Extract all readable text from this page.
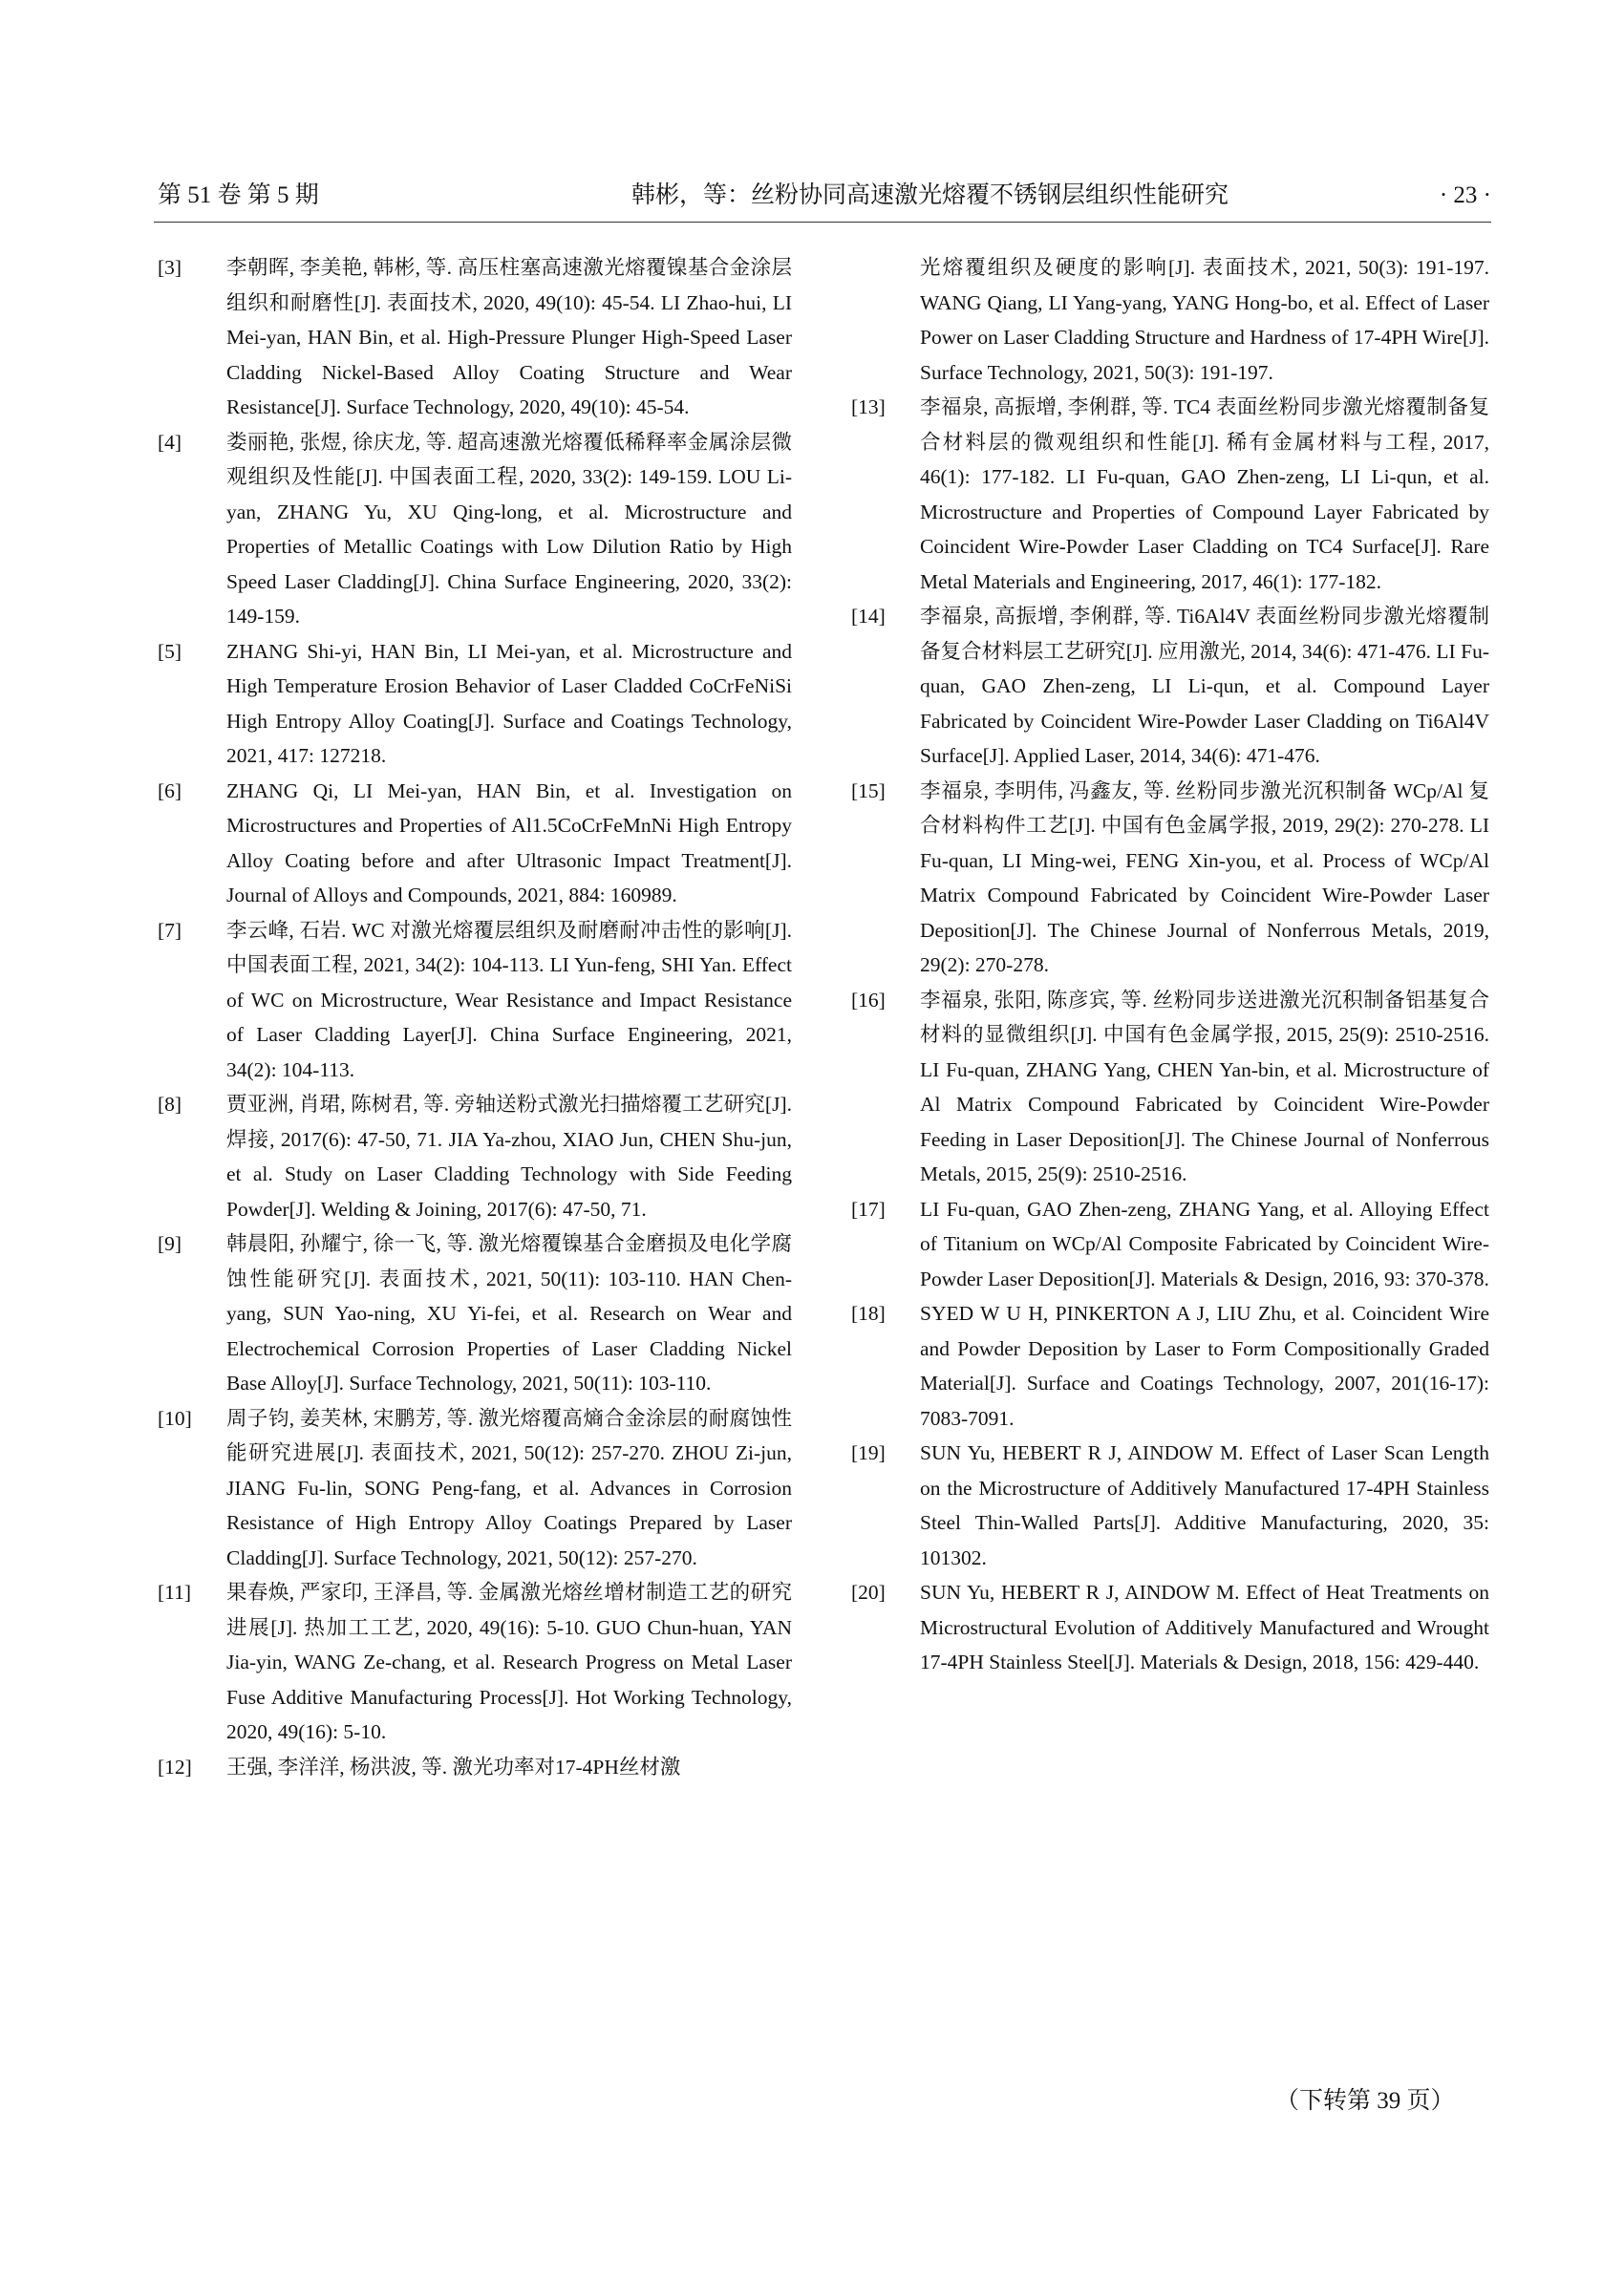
第 51 卷 第 5 期	韩彬，等：丝粉协同高速激光熔覆不锈钢层组织性能研究	· 23 ·
[3] 李朝晖, 李美艳, 韩彬, 等. 高压柱塞高速激光熔覆镍基合金涂层组织和耐磨性[J]. 表面技术, 2020, 49(10): 45-54. LI Zhao-hui, LI Mei-yan, HAN Bin, et al. High-Pressure Plunger High-Speed Laser Cladding Nickel-Based Alloy Coating Structure and Wear Resistance[J]. Surface Technology, 2020, 49(10): 45-54.
[4] 娄丽艳, 张煜, 徐庆龙, 等. 超高速激光熔覆低稀释率金属涂层微观组织及性能[J]. 中国表面工程, 2020, 33(2): 149-159. LOU Li-yan, ZHANG Yu, XU Qing-long, et al. Microstructure and Properties of Metallic Coatings with Low Dilution Ratio by High Speed Laser Cladding[J]. China Surface Engineering, 2020, 33(2): 149-159.
[5] ZHANG Shi-yi, HAN Bin, LI Mei-yan, et al. Microstructure and High Temperature Erosion Behavior of Laser Cladded CoCrFeNiSi High Entropy Alloy Coating[J]. Surface and Coatings Technology, 2021, 417: 127218.
[6] ZHANG Qi, LI Mei-yan, HAN Bin, et al. Investigation on Microstructures and Properties of Al1.5CoCrFeMnNi High Entropy Alloy Coating before and after Ultrasonic Impact Treatment[J]. Journal of Alloys and Compounds, 2021, 884: 160989.
[7] 李云峰, 石岩. WC 对激光熔覆层组织及耐磨耐冲击性的影响[J]. 中国表面工程, 2021, 34(2): 104-113. LI Yun-feng, SHI Yan. Effect of WC on Microstructure, Wear Resistance and Impact Resistance of Laser Cladding Layer[J]. China Surface Engineering, 2021, 34(2): 104-113.
[8] 贾亚洲, 肖珺, 陈树君, 等. 旁轴送粉式激光扫描熔覆工艺研究[J]. 焊接, 2017(6): 47-50, 71. JIA Ya-zhou, XIAO Jun, CHEN Shu-jun, et al. Study on Laser Cladding Technology with Side Feeding Powder[J]. Welding & Joining, 2017(6): 47-50, 71.
[9] 韩晨阳, 孙耀宁, 徐一飞, 等. 激光熔覆镍基合金磨损及电化学腐蚀性能研究[J]. 表面技术, 2021, 50(11): 103-110. HAN Chen-yang, SUN Yao-ning, XU Yi-fei, et al. Research on Wear and Electrochemical Corrosion Properties of Laser Cladding Nickel Base Alloy[J]. Surface Technology, 2021, 50(11): 103-110.
[10] 周子钧, 姜芙林, 宋鹏芳, 等. 激光熔覆高熵合金涂层的耐腐蚀性能研究进展[J]. 表面技术, 2021, 50(12): 257-270. ZHOU Zi-jun, JIANG Fu-lin, SONG Peng-fang, et al. Advances in Corrosion Resistance of High Entropy Alloy Coatings Prepared by Laser Cladding[J]. Surface Technology, 2021, 50(12): 257-270.
[11] 果春焕, 严家印, 王泽昌, 等. 金属激光熔丝增材制造工艺的研究进展[J]. 热加工工艺, 2020, 49(16): 5-10. GUO Chun-huan, YAN Jia-yin, WANG Ze-chang, et al. Research Progress on Metal Laser Fuse Additive Manufacturing Process[J]. Hot Working Technology, 2020, 49(16): 5-10.
[12] 王强, 李洋洋, 杨洪波, 等. 激光功率对17-4PH丝材激
光熔覆组织及硬度的影响[J]. 表面技术, 2021, 50(3): 191-197. WANG Qiang, LI Yang-yang, YANG Hong-bo, et al. Effect of Laser Power on Laser Cladding Structure and Hardness of 17-4PH Wire[J]. Surface Technology, 2021, 50(3): 191-197.
[13] 李福泉, 高振增, 李俐群, 等. TC4 表面丝粉同步激光熔覆制备复合材料层的微观组织和性能[J]. 稀有金属材料与工程, 2017, 46(1): 177-182. LI Fu-quan, GAO Zhen-zeng, LI Li-qun, et al. Microstructure and Properties of Compound Layer Fabricated by Coincident Wire-Powder Laser Cladding on TC4 Surface[J]. Rare Metal Materials and Engineering, 2017, 46(1): 177-182.
[14] 李福泉, 高振增, 李俐群, 等. Ti6Al4V 表面丝粉同步激光熔覆制备复合材料层工艺研究[J]. 应用激光, 2014, 34(6): 471-476. LI Fu-quan, GAO Zhen-zeng, LI Li-qun, et al. Compound Layer Fabricated by Coincident Wire-Powder Laser Cladding on Ti6Al4V Surface[J]. Applied Laser, 2014, 34(6): 471-476.
[15] 李福泉, 李明伟, 冯鑫友, 等. 丝粉同步激光沉积制备 WCp/Al 复合材料构件工艺[J]. 中国有色金属学报, 2019, 29(2): 270-278. LI Fu-quan, LI Ming-wei, FENG Xin-you, et al. Process of WCp/Al Matrix Compound Fabricated by Coincident Wire-Powder Laser Deposition[J]. The Chinese Journal of Nonferrous Metals, 2019, 29(2): 270-278.
[16] 李福泉, 张阳, 陈彦宾, 等. 丝粉同步送进激光沉积制备铝基复合材料的显微组织[J]. 中国有色金属学报, 2015, 25(9): 2510-2516. LI Fu-quan, ZHANG Yang, CHEN Yan-bin, et al. Microstructure of Al Matrix Compound Fabricated by Coincident Wire-Powder Feeding in Laser Deposition[J]. The Chinese Journal of Nonferrous Metals, 2015, 25(9): 2510-2516.
[17] LI Fu-quan, GAO Zhen-zeng, ZHANG Yang, et al. Alloying Effect of Titanium on WCp/Al Composite Fabricated by Coincident Wire-Powder Laser Deposition[J]. Materials & Design, 2016, 93: 370-378.
[18] SYED W U H, PINKERTON A J, LIU Zhu, et al. Coincident Wire and Powder Deposition by Laser to Form Compositionally Graded Material[J]. Surface and Coatings Technology, 2007, 201(16-17): 7083-7091.
[19] SUN Yu, HEBERT R J, AINDOW M. Effect of Laser Scan Length on the Microstructure of Additively Manufactured 17-4PH Stainless Steel Thin-Walled Parts[J]. Additive Manufacturing, 2020, 35: 101302.
[20] SUN Yu, HEBERT R J, AINDOW M. Effect of Heat Treatments on Microstructural Evolution of Additively Manufactured and Wrought 17-4PH Stainless Steel[J]. Materials & Design, 2018, 156: 429-440.
（下转第 39 页）
